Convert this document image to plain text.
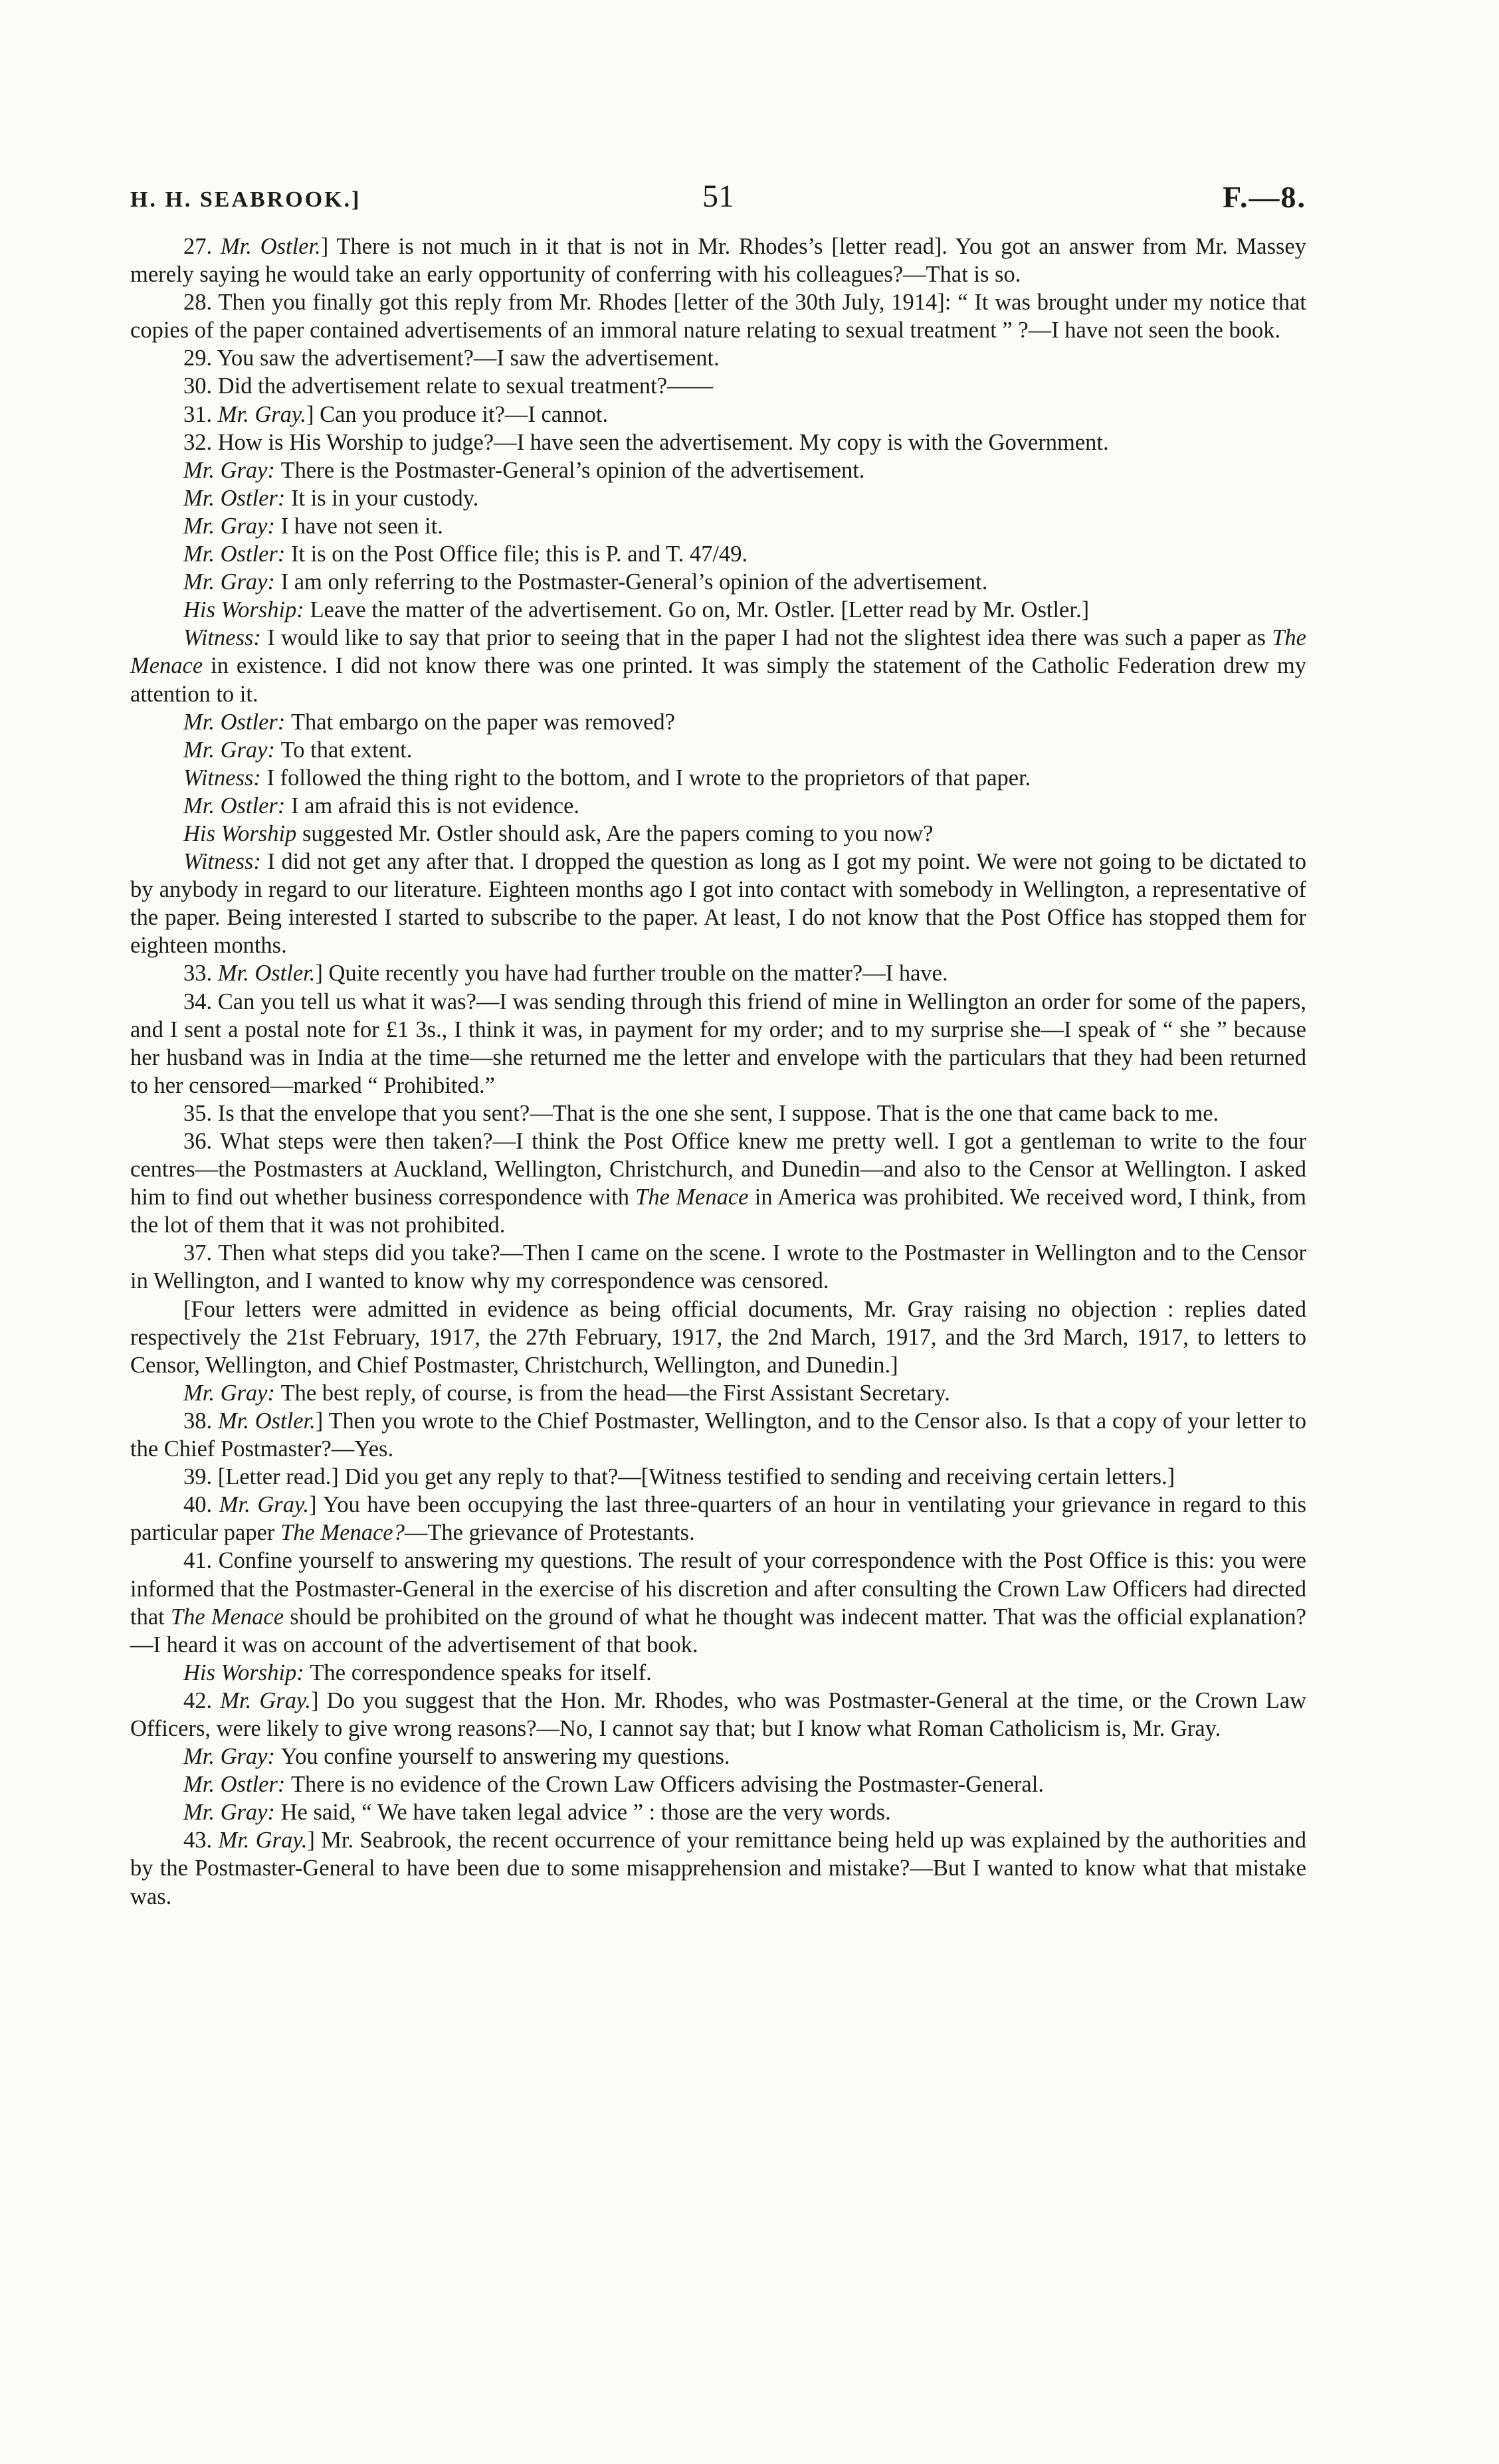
H. H. SEABROOK.]	51	F.—8.

27. Mr. Ostler.] There is not much in it that is not in Mr. Rhodes’s [letter read]. You got an answer from Mr. Massey merely saying he would take an early opportunity of conferring with his colleagues?—That is so.

28. Then you finally got this reply from Mr. Rhodes [letter of the 30th July, 1914]: “ It was brought under my notice that copies of the paper contained advertisements of an immoral nature relating to sexual treatment ” ?—I have not seen the book.

29. You saw the advertisement?—I saw the advertisement.

30. Did the advertisement relate to sexual treatment?——

31. Mr. Gray.] Can you produce it?—I cannot.

32. How is His Worship to judge?—I have seen the advertisement. My copy is with the Government.

Mr. Gray: There is the Postmaster-General’s opinion of the advertisement.

Mr. Ostler: It is in your custody.

Mr. Gray: I have not seen it.

Mr. Ostler: It is on the Post Office file; this is P. and T. 47/49.

Mr. Gray: I am only referring to the Postmaster-General’s opinion of the advertisement.

His Worship: Leave the matter of the advertisement. Go on, Mr. Ostler. [Letter read by Mr. Ostler.]

Witness: I would like to say that prior to seeing that in the paper I had not the slightest idea there was such a paper as The Menace in existence. I did not know there was one printed. It was simply the statement of the Catholic Federation drew my attention to it.

Mr. Ostler: That embargo on the paper was removed?

Mr. Gray: To that extent.

Witness: I followed the thing right to the bottom, and I wrote to the proprietors of that paper.

Mr. Ostler: I am afraid this is not evidence.

His Worship suggested Mr. Ostler should ask, Are the papers coming to you now?

Witness: I did not get any after that. I dropped the question as long as I got my point. We were not going to be dictated to by anybody in regard to our literature. Eighteen months ago I got into contact with somebody in Wellington, a representative of the paper. Being interested I started to subscribe to the paper. At least, I do not know that the Post Office has stopped them for eighteen months.

33. Mr. Ostler.] Quite recently you have had further trouble on the matter?—I have.

34. Can you tell us what it was?—I was sending through this friend of mine in Wellington an order for some of the papers, and I sent a postal note for £1 3s., I think it was, in payment for my order; and to my surprise she—I speak of “ she ” because her husband was in India at the time—she returned me the letter and envelope with the particulars that they had been returned to her censored—marked “ Prohibited.”

35. Is that the envelope that you sent?—That is the one she sent, I suppose. That is the one that came back to me.

36. What steps were then taken?—I think the Post Office knew me pretty well. I got a gentleman to write to the four centres—the Postmasters at Auckland, Wellington, Christchurch, and Dunedin—and also to the Censor at Wellington. I asked him to find out whether business correspondence with The Menace in America was prohibited. We received word, I think, from the lot of them that it was not prohibited.

37. Then what steps did you take?—Then I came on the scene. I wrote to the Postmaster in Wellington and to the Censor in Wellington, and I wanted to know why my correspondence was censored.

[Four letters were admitted in evidence as being official documents, Mr. Gray raising no objection : replies dated respectively the 21st February, 1917, the 27th February, 1917, the 2nd March, 1917, and the 3rd March, 1917, to letters to Censor, Wellington, and Chief Postmaster, Christchurch, Wellington, and Dunedin.]

Mr. Gray: The best reply, of course, is from the head—the First Assistant Secretary.

38. Mr. Ostler.] Then you wrote to the Chief Postmaster, Wellington, and to the Censor also. Is that a copy of your letter to the Chief Postmaster?—Yes.

39. [Letter read.] Did you get any reply to that?—[Witness testified to sending and receiving certain letters.]

40. Mr. Gray.] You have been occupying the last three-quarters of an hour in ventilating your grievance in regard to this particular paper The Menace?—The grievance of Protestants.

41. Confine yourself to answering my questions. The result of your correspondence with the Post Office is this: you were informed that the Postmaster-General in the exercise of his discretion and after consulting the Crown Law Officers had directed that The Menace should be prohibited on the ground of what he thought was indecent matter. That was the official explanation?—I heard it was on account of the advertisement of that book.

His Worship: The correspondence speaks for itself.

42. Mr. Gray.] Do you suggest that the Hon. Mr. Rhodes, who was Postmaster-General at the time, or the Crown Law Officers, were likely to give wrong reasons?—No, I cannot say that; but I know what Roman Catholicism is, Mr. Gray.

Mr. Gray: You confine yourself to answering my questions.

Mr. Ostler: There is no evidence of the Crown Law Officers advising the Postmaster-General.

Mr. Gray: He said, “ We have taken legal advice ” : those are the very words.

43. Mr. Gray.] Mr. Seabrook, the recent occurrence of your remittance being held up was explained by the authorities and by the Postmaster-General to have been due to some misapprehension and mistake?—But I wanted to know what that mistake was.
